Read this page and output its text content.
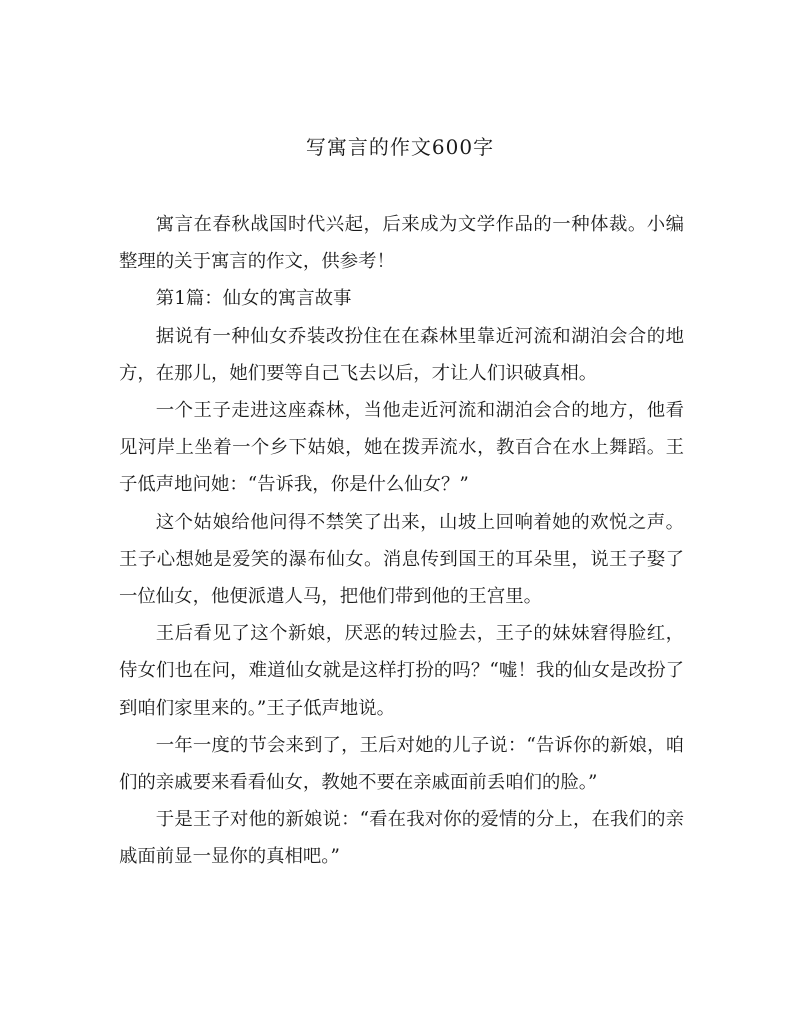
写寓言的作文600字

寓言在春秋战国时代兴起，后来成为文学作品的一种体裁。小编整理的关于寓言的作文，供参考！

第1篇：仙女的寓言故事

据说有一种仙女乔装改扮住在在森林里靠近河流和湖泊会合的地方，在那儿，她们要等自己飞去以后，才让人们识破真相。

一个王子走进这座森林，当他走近河流和湖泊会合的地方，他看见河岸上坐着一个乡下姑娘，她在拨弄流水，教百合在水上舞蹈。王子低声地问她：“告诉我，你是什么仙女？”

这个姑娘给他问得不禁笑了出来，山坡上回响着她的欢悦之声。王子心想她是爱笑的瀑布仙女。消息传到国王的耳朵里，说王子娶了一位仙女，他便派遣人马，把他们带到他的王宫里。

王后看见了这个新娘，厌恶的转过脸去，王子的妹妹窘得脸红，侍女们也在问，难道仙女就是这样打扮的吗？“嘘！我的仙女是改扮了到咱们家里来的。”王子低声地说。

一年一度的节会来到了，王后对她的儿子说：“告诉你的新娘，咱们的亲戚要来看看仙女，教她不要在亲戚面前丢咱们的脸。”

于是王子对他的新娘说：“看在我对你的爱情的分上，在我们的亲戚面前显一显你的真相吧。”
